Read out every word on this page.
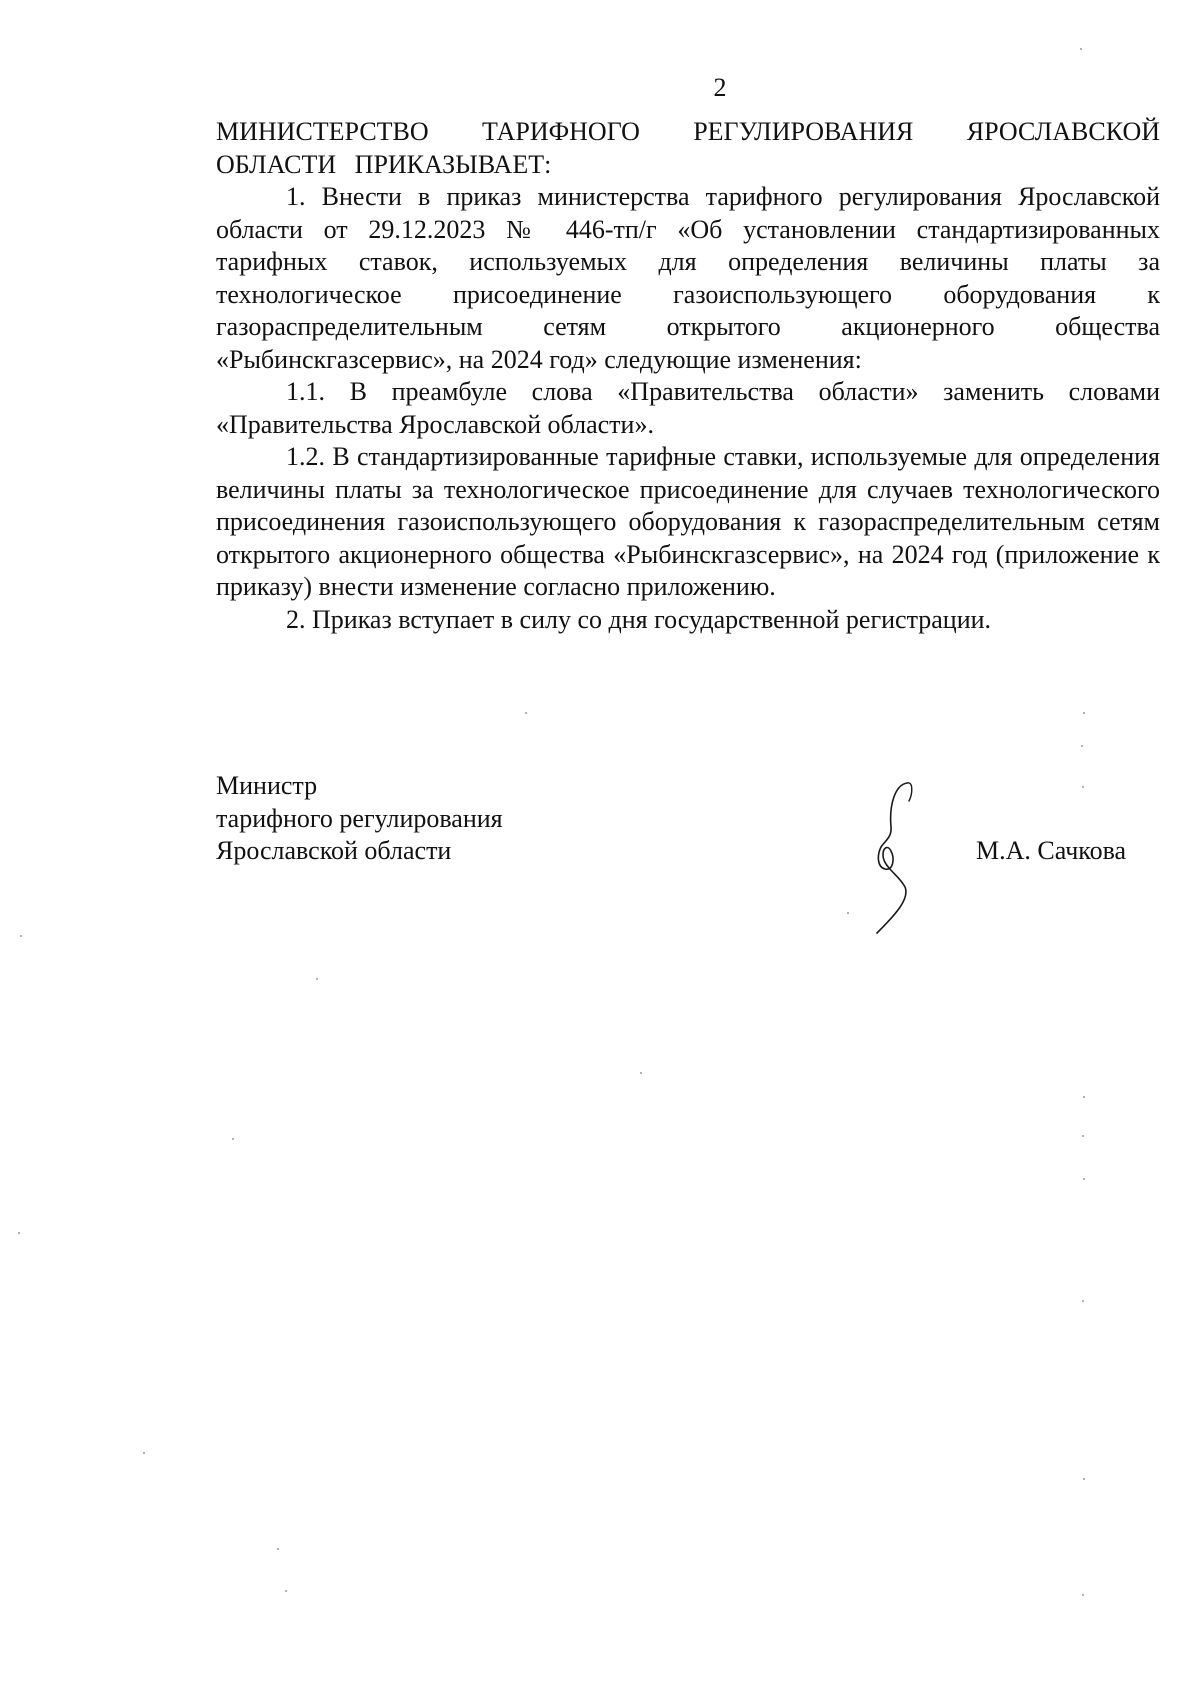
2

МИНИСТЕРСТВО ТАРИФНОГО РЕГУЛИРОВАНИЯ ЯРОСЛАВСКОЙ ОБЛАСТИ ПРИКАЗЫВАЕТ:

1. Внести в приказ министерства тарифного регулирования Ярославской области от 29.12.2023 № 446-тп/г «Об установлении стандартизированных тарифных ставок, используемых для определения величины платы за технологическое присоединение газоиспользующего оборудования к газораспределительным сетям открытого акционерного общества «Рыбинскгазсервис», на 2024 год» следующие изменения:

1.1. В преамбуле слова «Правительства области» заменить словами «Правительства Ярославской области».

1.2. В стандартизированные тарифные ставки, используемые для определения величины платы за технологическое присоединение для случаев технологического присоединения газоиспользующего оборудования к газораспределительным сетям открытого акционерного общества «Рыбинскгазсервис», на 2024 год (приложение к приказу) внести изменение согласно приложению.

2. Приказ вступает в силу со дня государственной регистрации.

Министр
тарифного регулирования
Ярославской области	М.А. Сачкова
